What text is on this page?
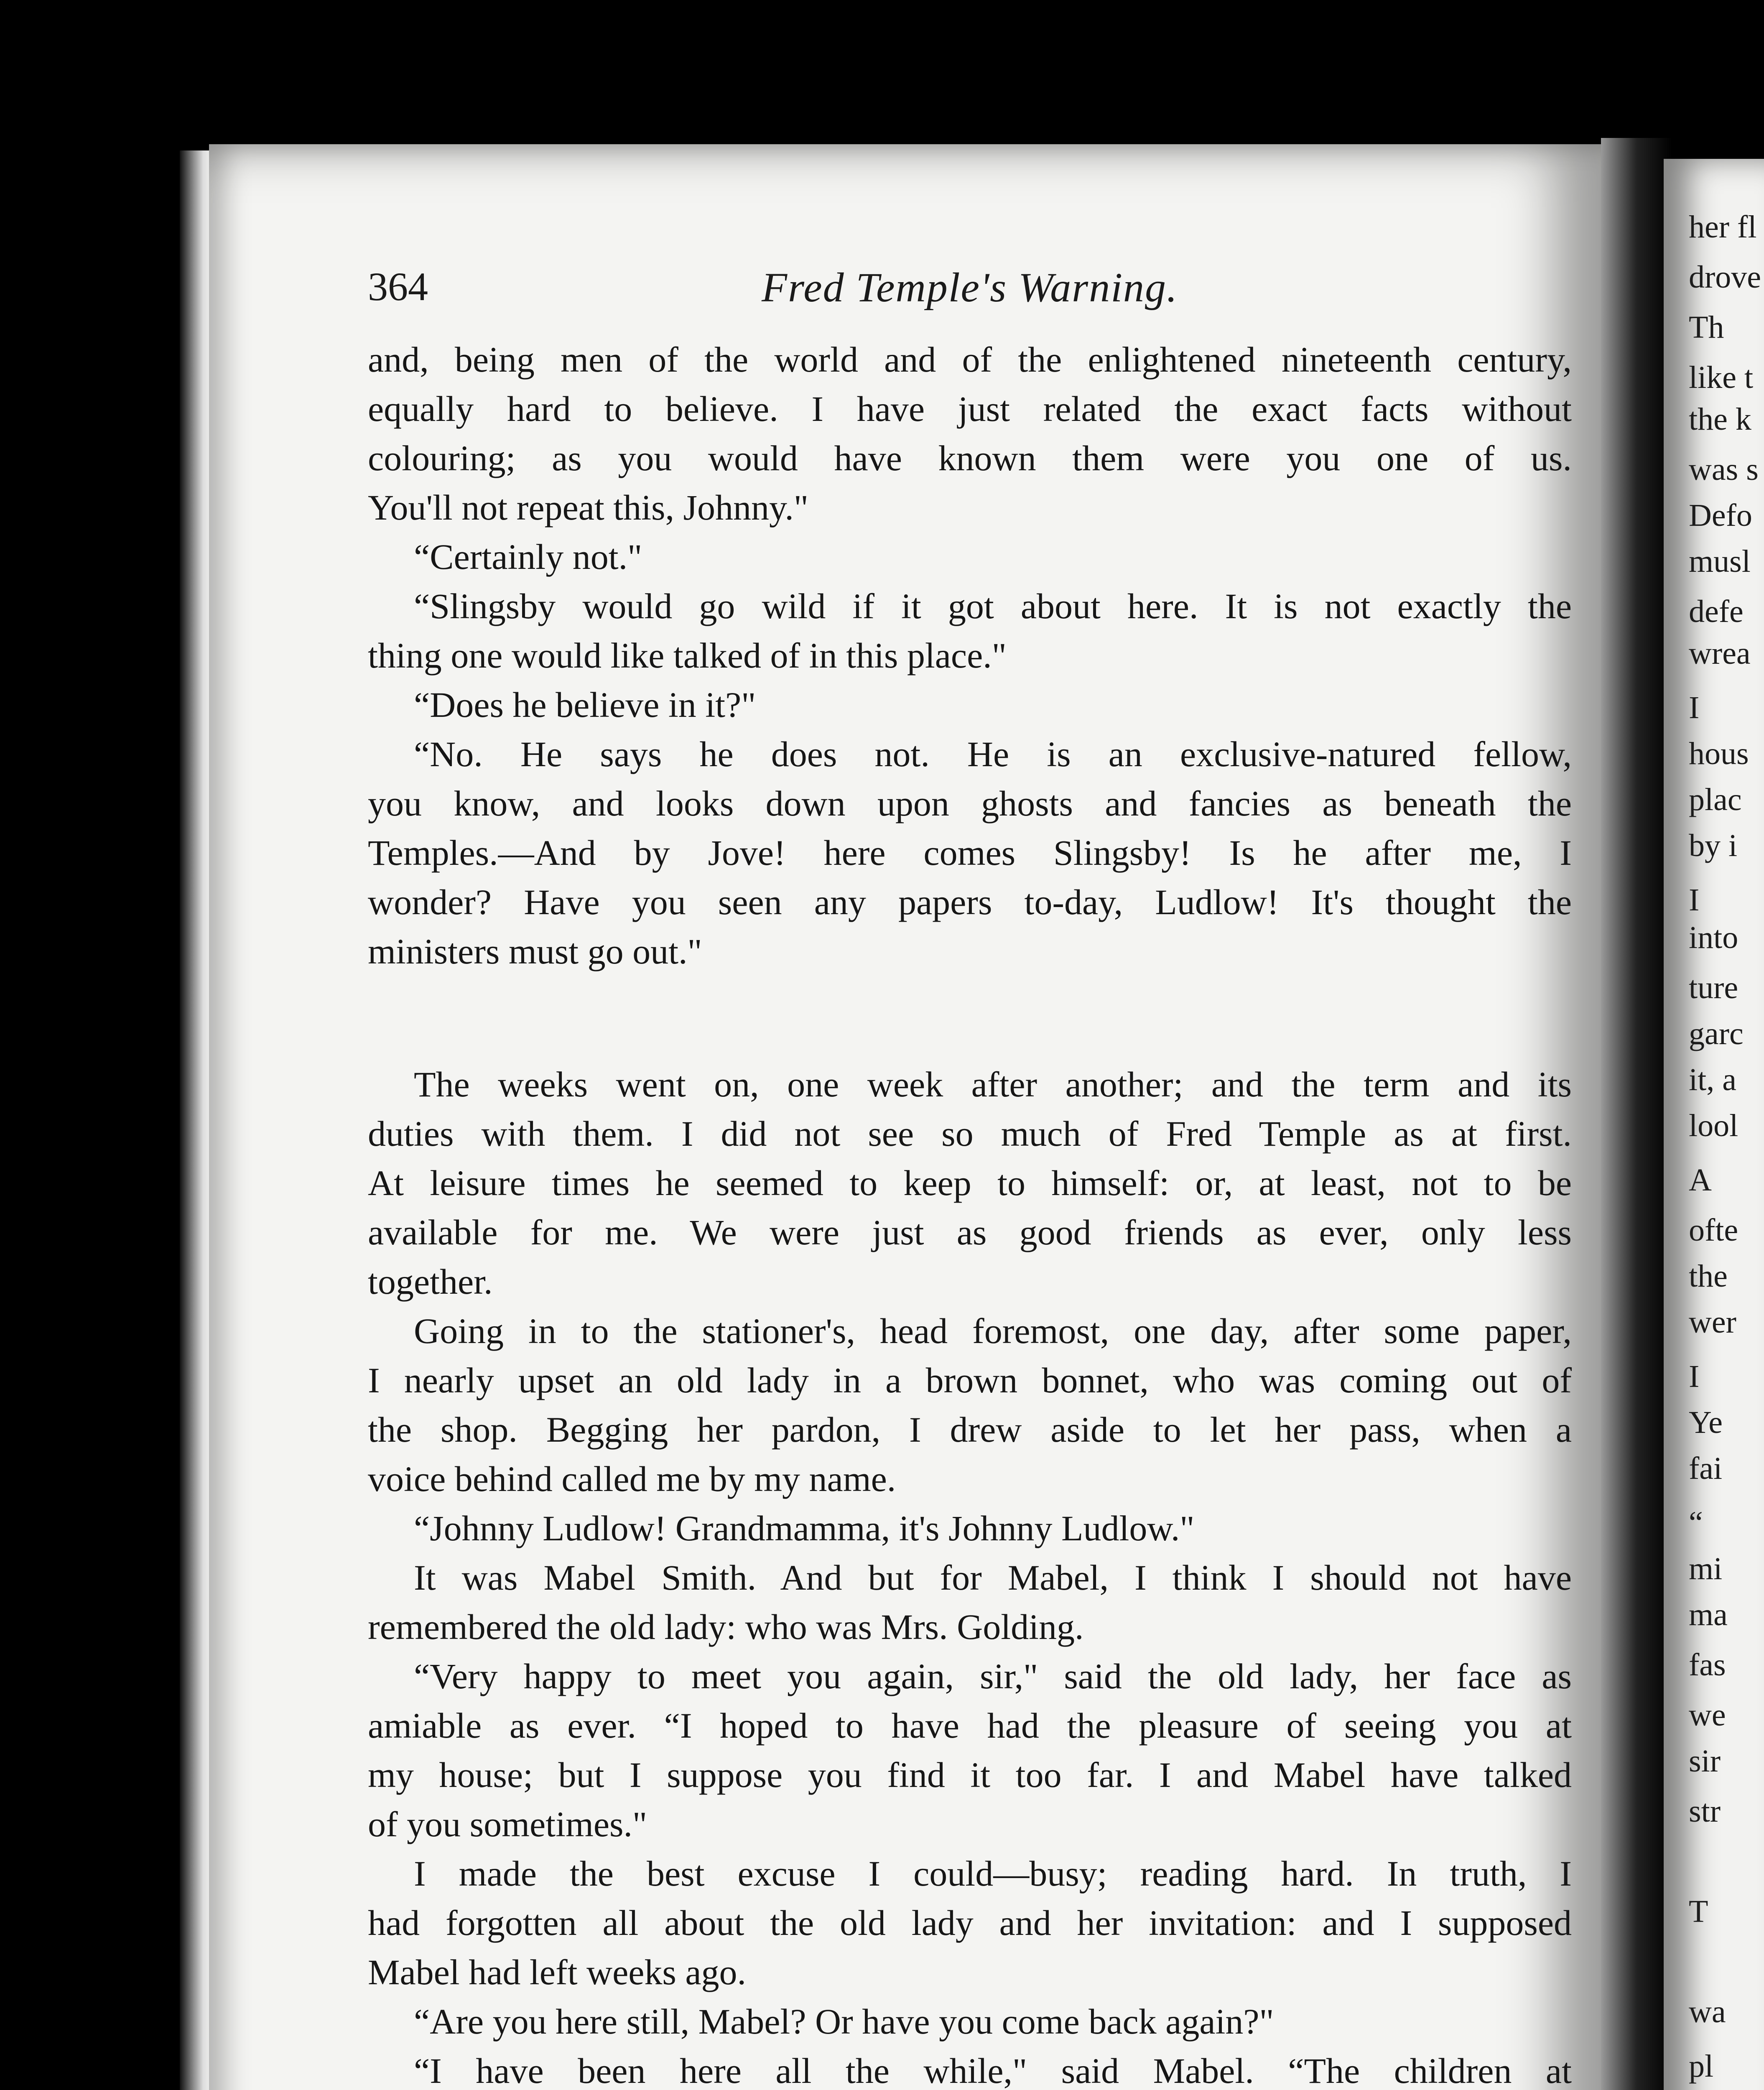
her fl
drove
Th
like t
the k
was s
Defo
musl
defe
wrea
I
hous
plac
by i
I
into
ture
garc
it, a
lool
A
ofte
the
wer
I
Ye
fai
“
mi
ma
fas
we
sir
str
T
wa
pl
364	Fred Temple's Warning.
and, being men of the world and of the enlightened nineteenth century,
equally hard to believe. I have just related the exact facts without
colouring; as you would have known them were you one of us.
You'll not repeat this, Johnny."
“Certainly not."
“Slingsby would go wild if it got about here. It is not exactly the
thing one would like talked of in this place."
“Does he believe in it?"
“No. He says he does not. He is an exclusive-natured fellow,
you know, and looks down upon ghosts and fancies as beneath the
Temples.—And by Jove! here comes Slingsby! Is he after me, I
wonder? Have you seen any papers to-day, Ludlow! It's thought the
ministers must go out."
The weeks went on, one week after another; and the term and its
duties with them. I did not see so much of Fred Temple as at first.
At leisure times he seemed to keep to himself: or, at least, not to be
available for me. We were just as good friends as ever, only less
together.
Going in to the stationer's, head foremost, one day, after some paper,
I nearly upset an old lady in a brown bonnet, who was coming out of
the shop. Begging her pardon, I drew aside to let her pass, when a
voice behind called me by my name.
“Johnny Ludlow! Grandmamma, it's Johnny Ludlow."
It was Mabel Smith. And but for Mabel, I think I should not have
remembered the old lady: who was Mrs. Golding.
“Very happy to meet you again, sir," said the old lady, her face as
amiable as ever. “I hoped to have had the pleasure of seeing you at
my house; but I suppose you find it too far. I and Mabel have talked
of you sometimes."
I made the best excuse I could—busy; reading hard. In truth, I
had forgotten all about the old lady and her invitation: and I supposed
Mabel had left weeks ago.
“Are you here still, Mabel? Or have you come back again?"
“I have been here all the while," said Mabel. “The children at
